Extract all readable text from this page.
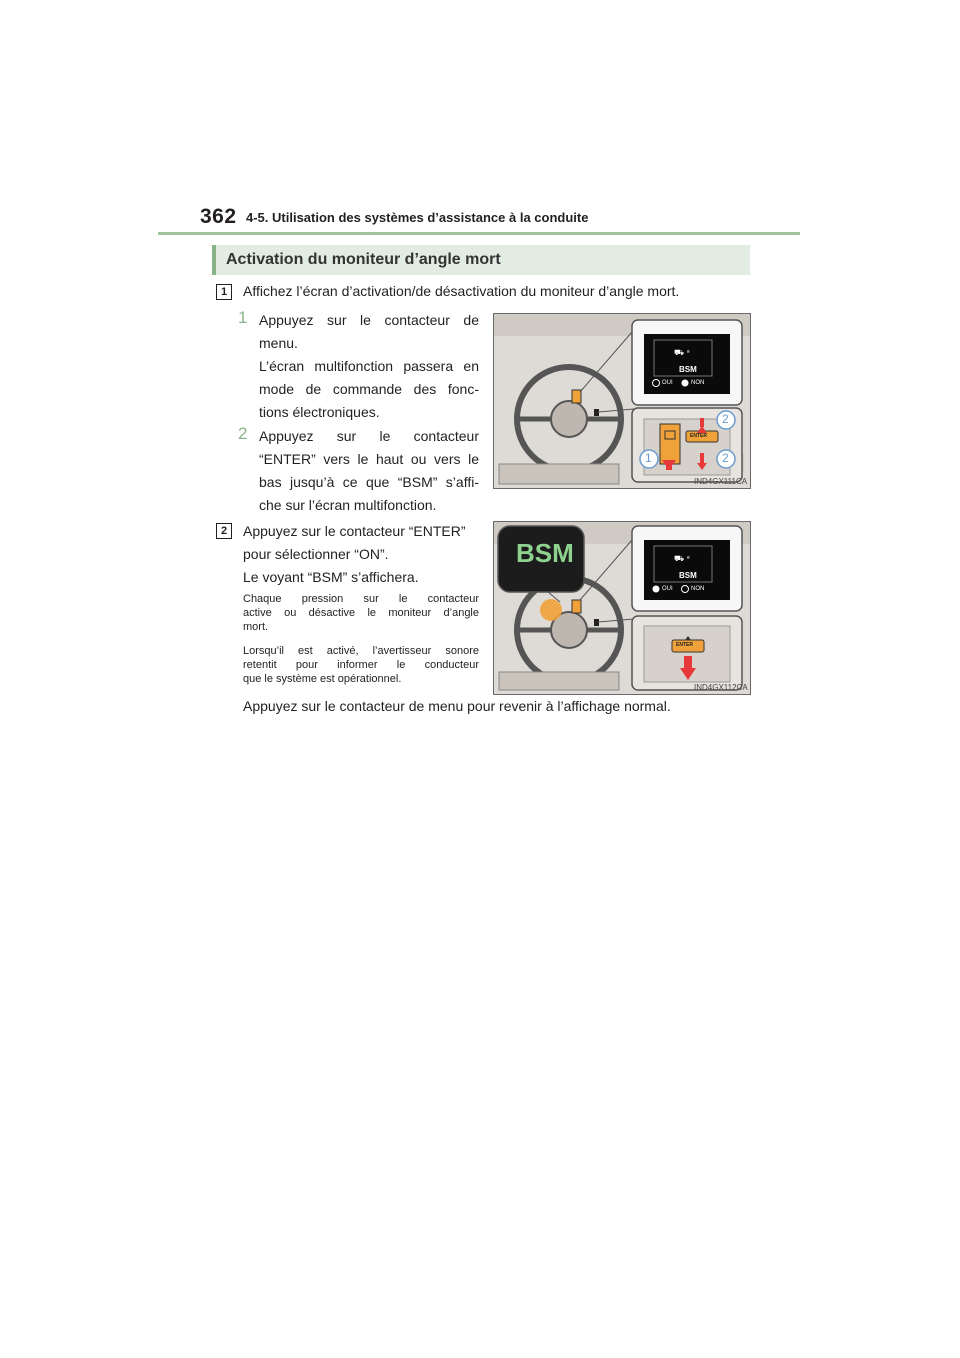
362 4-5. Utilisation des systèmes d’assistance à la conduite
Activation du moniteur d’angle mort
1	Affichez l’écran d’activation/de désactivation du moniteur d’angle mort.
1 Appuyez sur le contacteur de
menu.
L’écran multifonction passera en
mode de commande des fonc-
tions électroniques.
2 Appuyez sur le contacteur
“ENTER” vers le haut ou vers le
bas jusqu’à ce que “BSM” s’affi-
che sur l’écran multifonction.
⛟ ᵃ
BSM
OUI	NON
ENTER
1
2
2
IND4GX111CA
2	Appuyez sur le contacteur “ENTER”
pour sélectionner “ON”.
Le voyant “BSM” s’affichera.
Chaque pression sur le contacteur
active ou désactive le moniteur d’angle
mort.
Lorsqu’il est activé, l’avertisseur sonore
retentit pour informer le conducteur
que le système est opérationnel.
Appuyez sur le contacteur de menu pour revenir à l’affichage normal.
⛟ ᵃ
BSM
BSM
OUI	NON
ENTER
IND4GX112CA
